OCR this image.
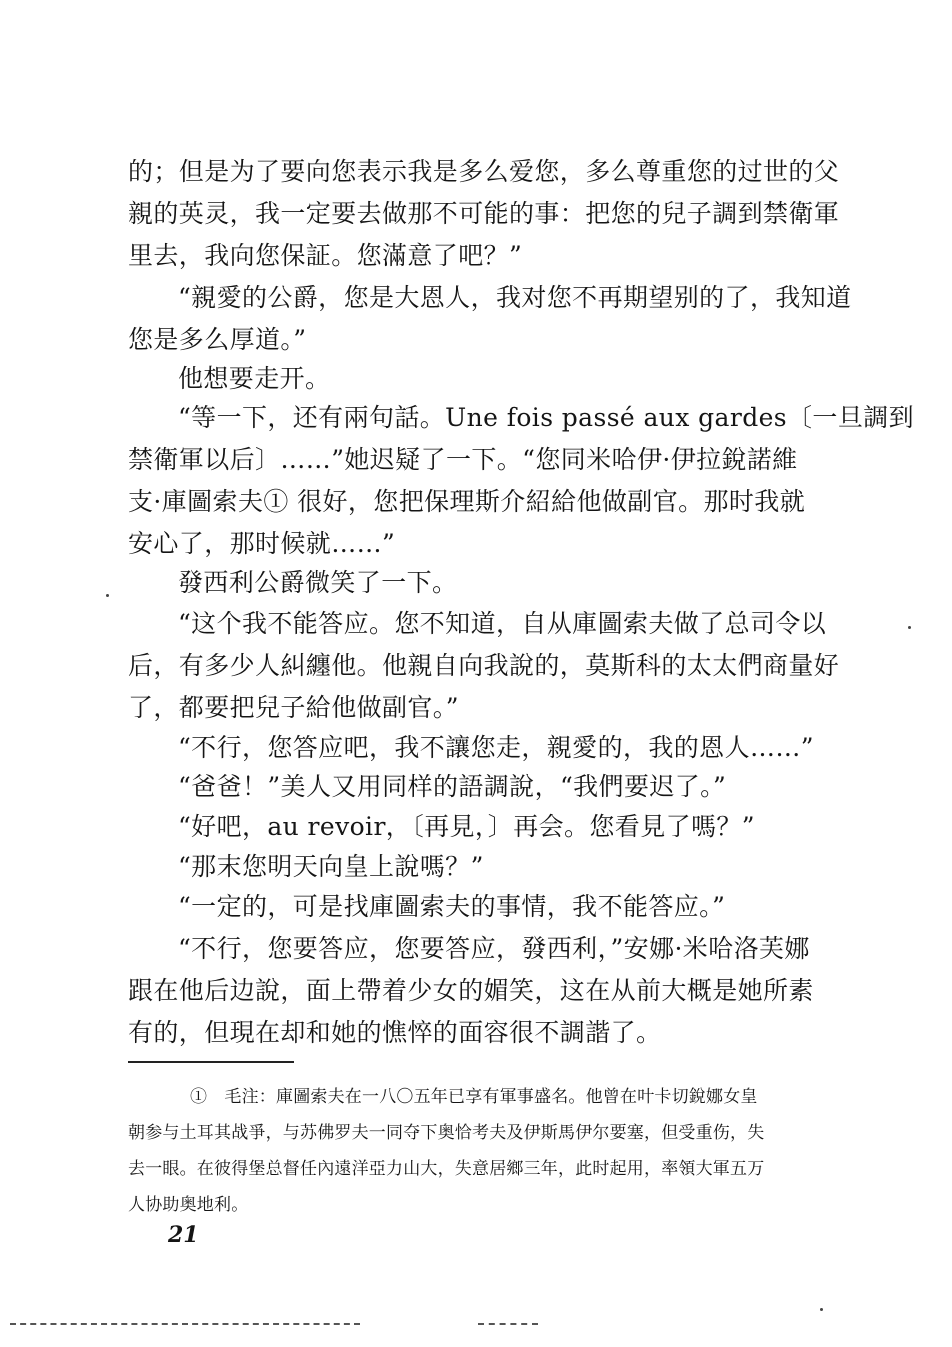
的；但是为了要向您表示我是多么爱您，多么尊重您的过世的父
親的英灵，我一定要去做那不可能的事：把您的兒子調到禁衛軍
里去，我向您保証。您滿意了吧？”
“親愛的公爵，您是大恩人，我对您不再期望别的了，我知道
您是多么厚道。”
他想要走开。
“等一下，还有兩句話。Une fois passé aux gardes〔一旦調到
禁衛軍以后〕……”她迟疑了一下。“您同米哈伊·伊拉銳諾維
支·庫圖索夫① 很好，您把保理斯介紹給他做副官。那时我就
安心了，那时候就……”
發西利公爵微笑了一下。
“这个我不能答应。您不知道，自从庫圖索夫做了总司令以
后，有多少人糾纏他。他親自向我說的，莫斯科的太太們商量好
了，都要把兒子給他做副官。”
“不行，您答应吧，我不讓您走，親愛的，我的恩人……”
“爸爸！”美人又用同样的語調說，“我們要迟了。”
“好吧，au revoir，〔再見，〕再会。您看見了嗎？”
“那末您明天向皇上說嗎？”
“一定的，可是找庫圖索夫的事情，我不能答应。”
“不行，您要答应，您要答应，發西利，”安娜·米哈洛芙娜
跟在他后边說，面上帶着少女的媚笑，这在从前大概是她所素
有的，但現在却和她的憔悴的面容很不調諧了。
①　毛注：庫圖索夫在一八〇五年已享有軍事盛名。他曾在叶卡切銳娜女皇
朝参与土耳其战爭，与苏佛罗夫一同夺下奥恰考夫及伊斯馬伊尔要塞，但受重伤，失
去一眼。在彼得堡总督任內遠洋亞力山大，失意居鄉三年，此时起用，率領大軍五万
人协助奥地利。
21
